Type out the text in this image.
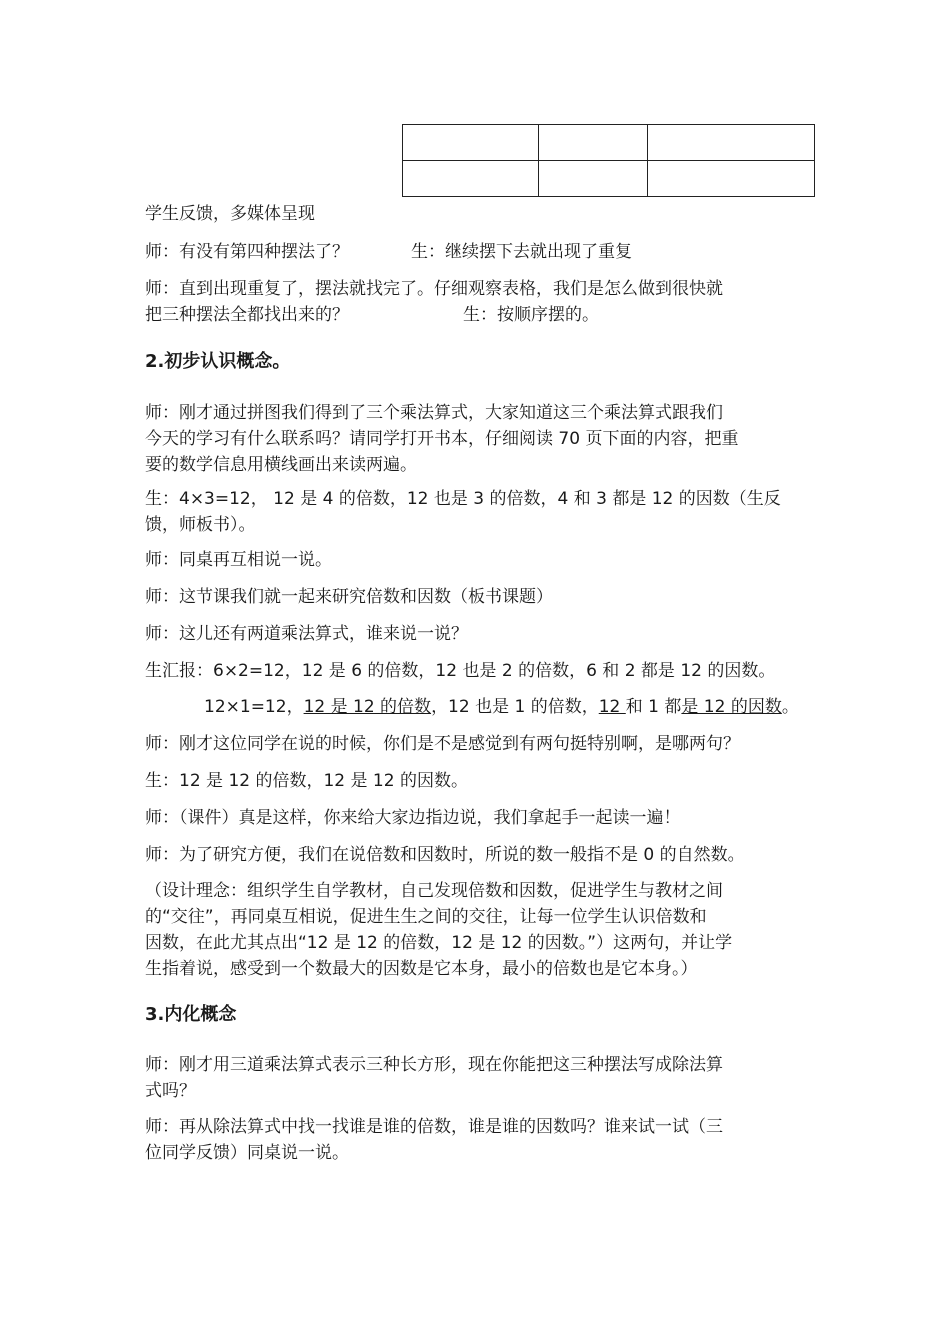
学生反馈，多媒体呈现
师：有没有第四种摆法了？	生：继续摆下去就出现了重复
师：直到出现重复了，摆法就找完了。仔细观察表格，我们是怎么做到很快就
把三种摆法全都找出来的？	生：按顺序摆的。
2.初步认识概念。
师：刚才通过拼图我们得到了三个乘法算式，大家知道这三个乘法算式跟我们
今天的学习有什么联系吗？请同学打开书本，仔细阅读 70 页下面的内容，把重
要的数学信息用横线画出来读两遍。
生：4×3=12， 12 是 4 的倍数，12 也是 3 的倍数，4 和 3 都是 12 的因数（生反
馈，师板书）。
师：同桌再互相说一说。
师：这节课我们就一起来研究倍数和因数（板书课题）
师：这儿还有两道乘法算式，谁来说一说？
生汇报：6×2=12，12 是 6 的倍数，12 也是 2 的倍数，6 和 2 都是 12 的因数。
12×1=12，12 是 12 的倍数，12 也是 1 的倍数，12 和 1 都是 12 的因数。
师：刚才这位同学在说的时候，你们是不是感觉到有两句挺特别啊，是哪两句？
生：12 是 12 的倍数，12 是 12 的因数。
师：（课件）真是这样，你来给大家边指边说，我们拿起手一起读一遍！
师：为了研究方便，我们在说倍数和因数时，所说的数一般指不是 0 的自然数。
（设计理念：组织学生自学教材，自己发现倍数和因数，促进学生与教材之间
的“交往”，再同桌互相说，促进生生之间的交往，让每一位学生认识倍数和
因数，在此尤其点出“12 是 12 的倍数，12 是 12 的因数。”）这两句，并让学
生指着说，感受到一个数最大的因数是它本身，最小的倍数也是它本身。）
3.内化概念
师：刚才用三道乘法算式表示三种长方形，现在你能把这三种摆法写成除法算
式吗？
师：再从除法算式中找一找谁是谁的倍数，谁是谁的因数吗？谁来试一试（三
位同学反馈）同桌说一说。
